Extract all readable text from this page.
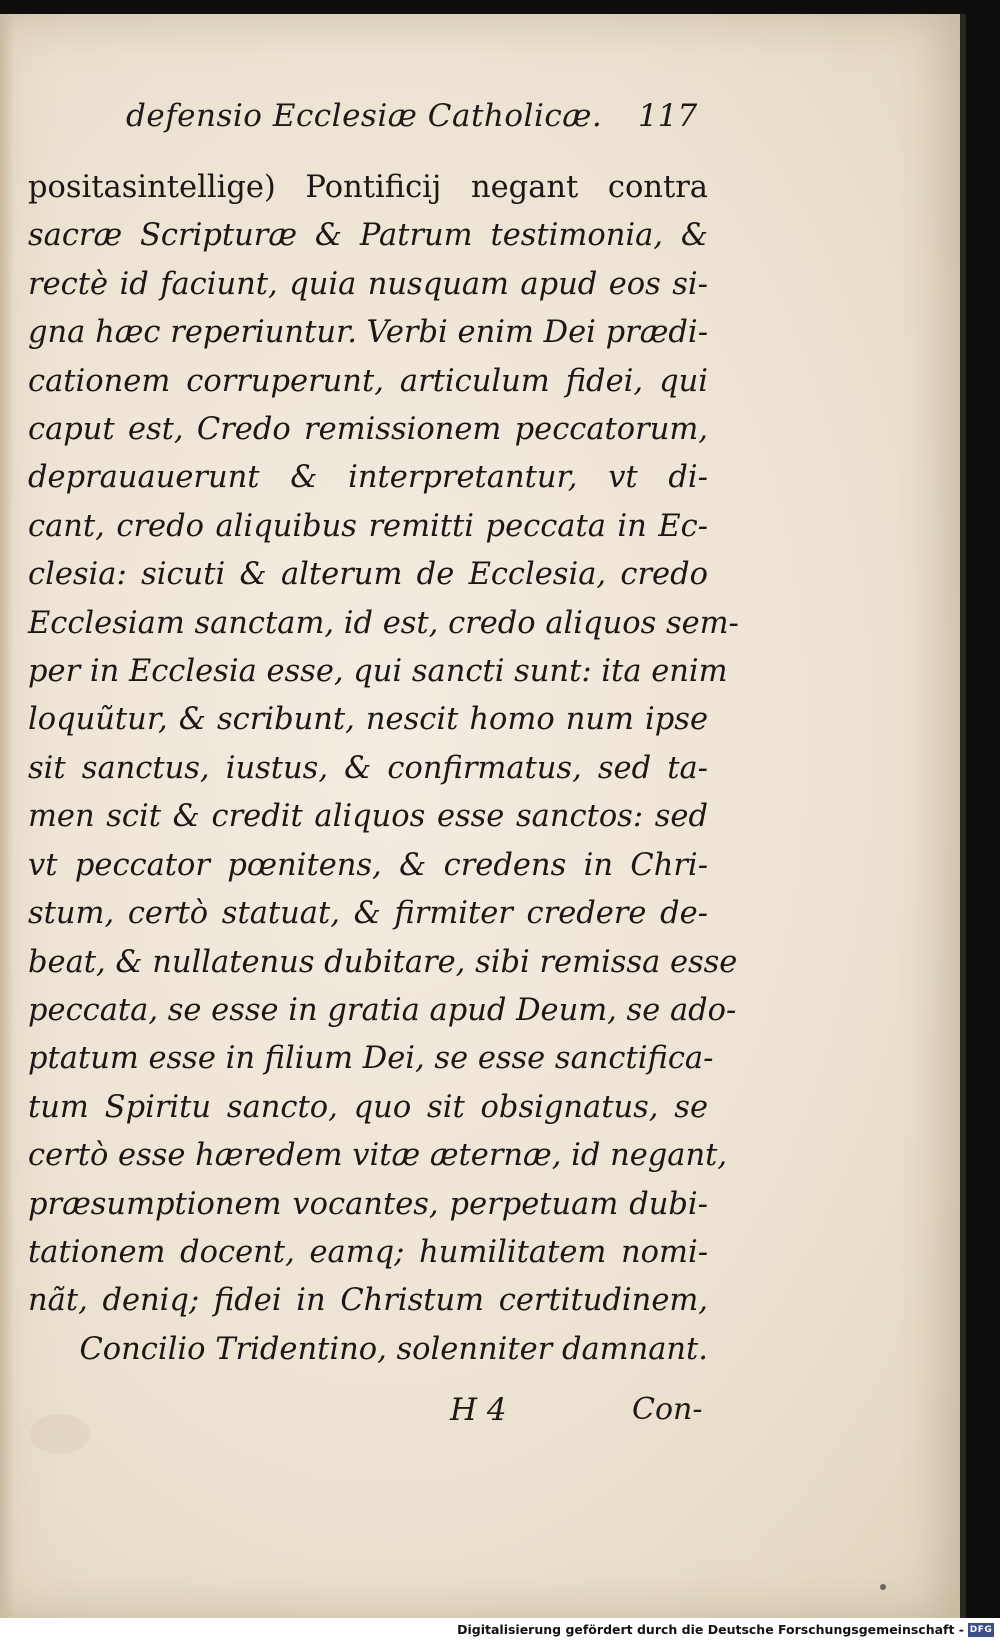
defensio Ecclesiæ Catholicæ. 117
positasintellige) Pontificij negant contra
sacræ Scripturæ & Patrum testimonia, &
rectè id faciunt, quia nusquam apud eos si-
gna hæc reperiuntur. Verbi enim Dei prædi-
cationem corruperunt, articulum fidei, qui
caput est, Credo remissionem peccatorum,
deprauauerunt & interpretantur, vt di-
cant, credo aliquibus remitti peccata in Ec-
clesia: sicuti & alterum de Ecclesia, credo
Ecclesiam sanctam, id est, credo aliquos sem-
per in Ecclesia esse, qui sancti sunt: ita enim
loquũtur, & scribunt, nescit homo num ipse
sit sanctus, iustus, & confirmatus, sed ta-
men scit & credit aliquos esse sanctos: sed
vt peccator pœnitens, & credens in Chri-
stum, certò statuat, & firmiter credere de-
beat, & nullatenus dubitare, sibi remissa esse
peccata, se esse in gratia apud Deum, se ado-
ptatum esse in filium Dei, se esse sanctifica-
tum Spiritu sancto, quo sit obsignatus, se
certò esse hæredem vitæ æternæ, id negant,
præsumptionem vocantes, perpetuam dubi-
tationem docent, eamq; humilitatem nomi-
nãt, deniq; fidei in Christum certitudinem,
Concilio Tridentino, solenniter damnant.
H 4	Con-
Digitalisierung gefördert durch die Deutsche Forschungsgemeinschaft - DFG
